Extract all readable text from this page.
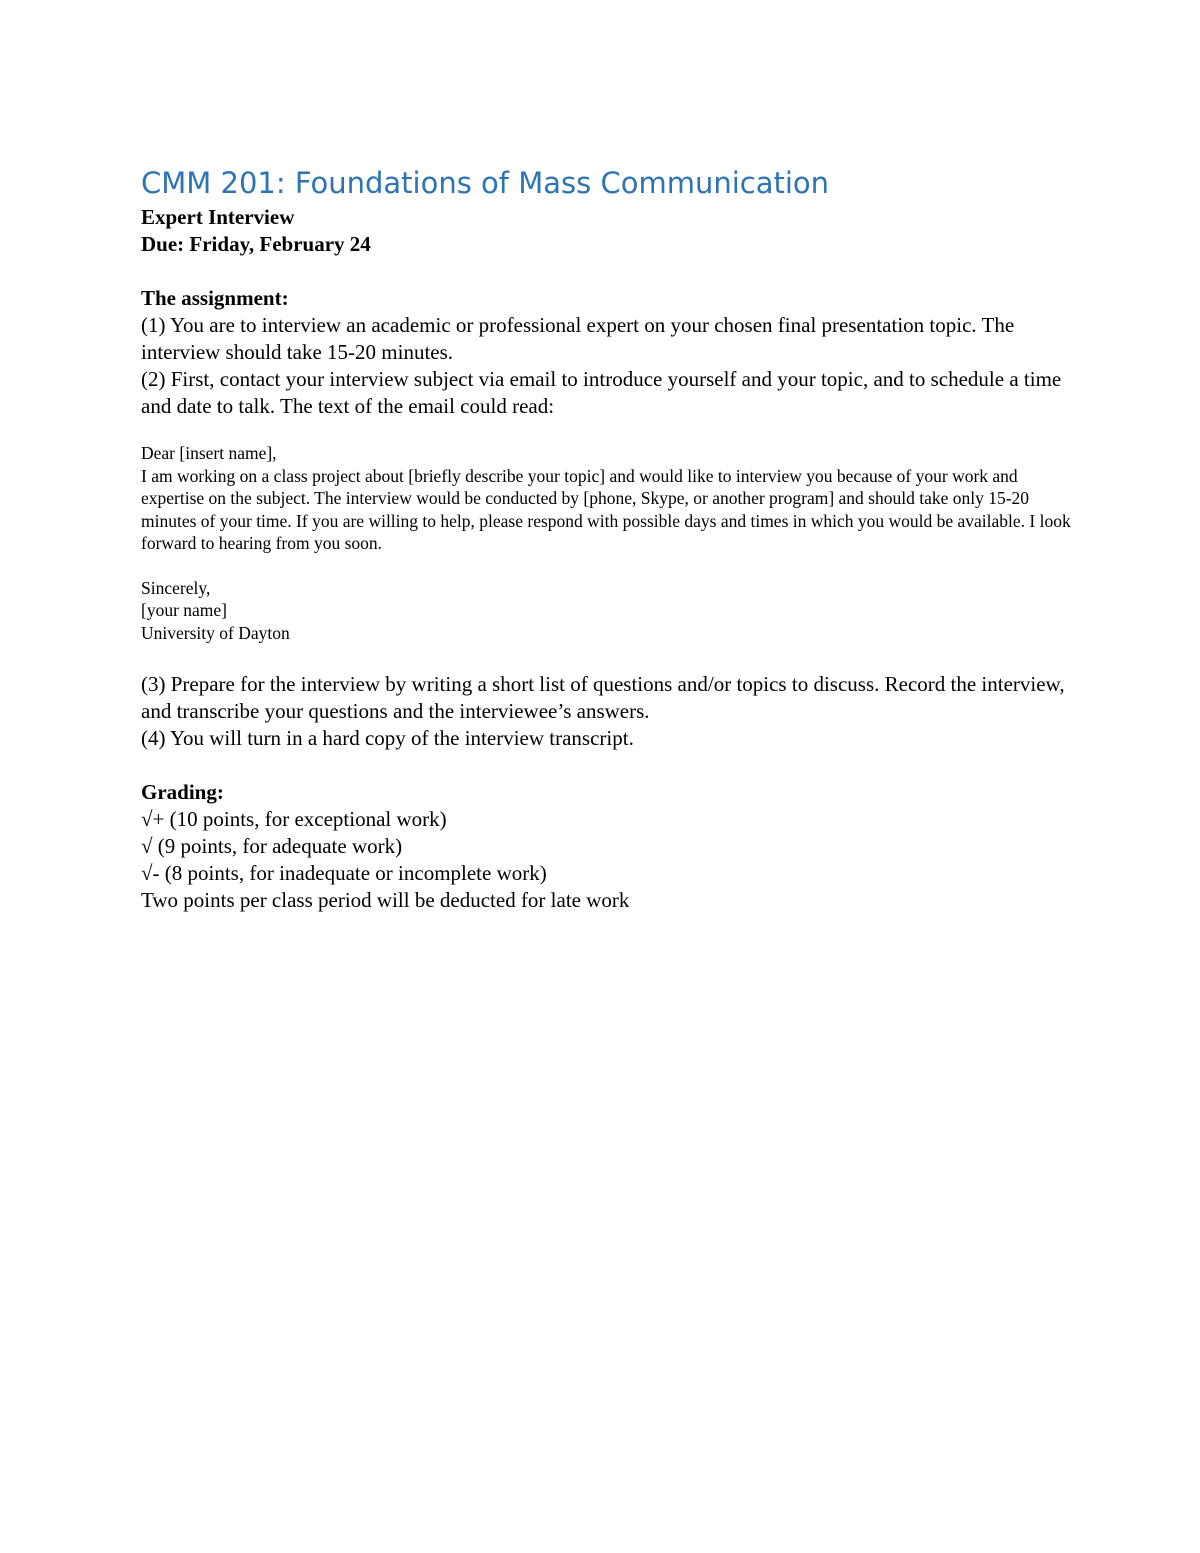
CMM 201: Foundations of Mass Communication

Expert Interview

Due: Friday, February 24

The assignment:

(1) You are to interview an academic or professional expert on your chosen final presentation topic. The interview should take 15-20 minutes.

(2) First, contact your interview subject via email to introduce yourself and your topic, and to schedule a time and date to talk. The text of the email could read:

Dear [insert name],

I am working on a class project about [briefly describe your topic] and would like to interview you because of your work and expertise on the subject. The interview would be conducted by [phone, Skype, or another program] and should take only 15-20 minutes of your time. If you are willing to help, please respond with possible days and times in which you would be available. I look forward to hearing from you soon.

Sincerely,

[your name]

University of Dayton

(3) Prepare for the interview by writing a short list of questions and/or topics to discuss. Record the interview, and transcribe your questions and the interviewee’s answers.

(4) You will turn in a hard copy of the interview transcript.

Grading:

√+ (10 points, for exceptional work)

√ (9 points, for adequate work)

√- (8 points, for inadequate or incomplete work)

Two points per class period will be deducted for late work
